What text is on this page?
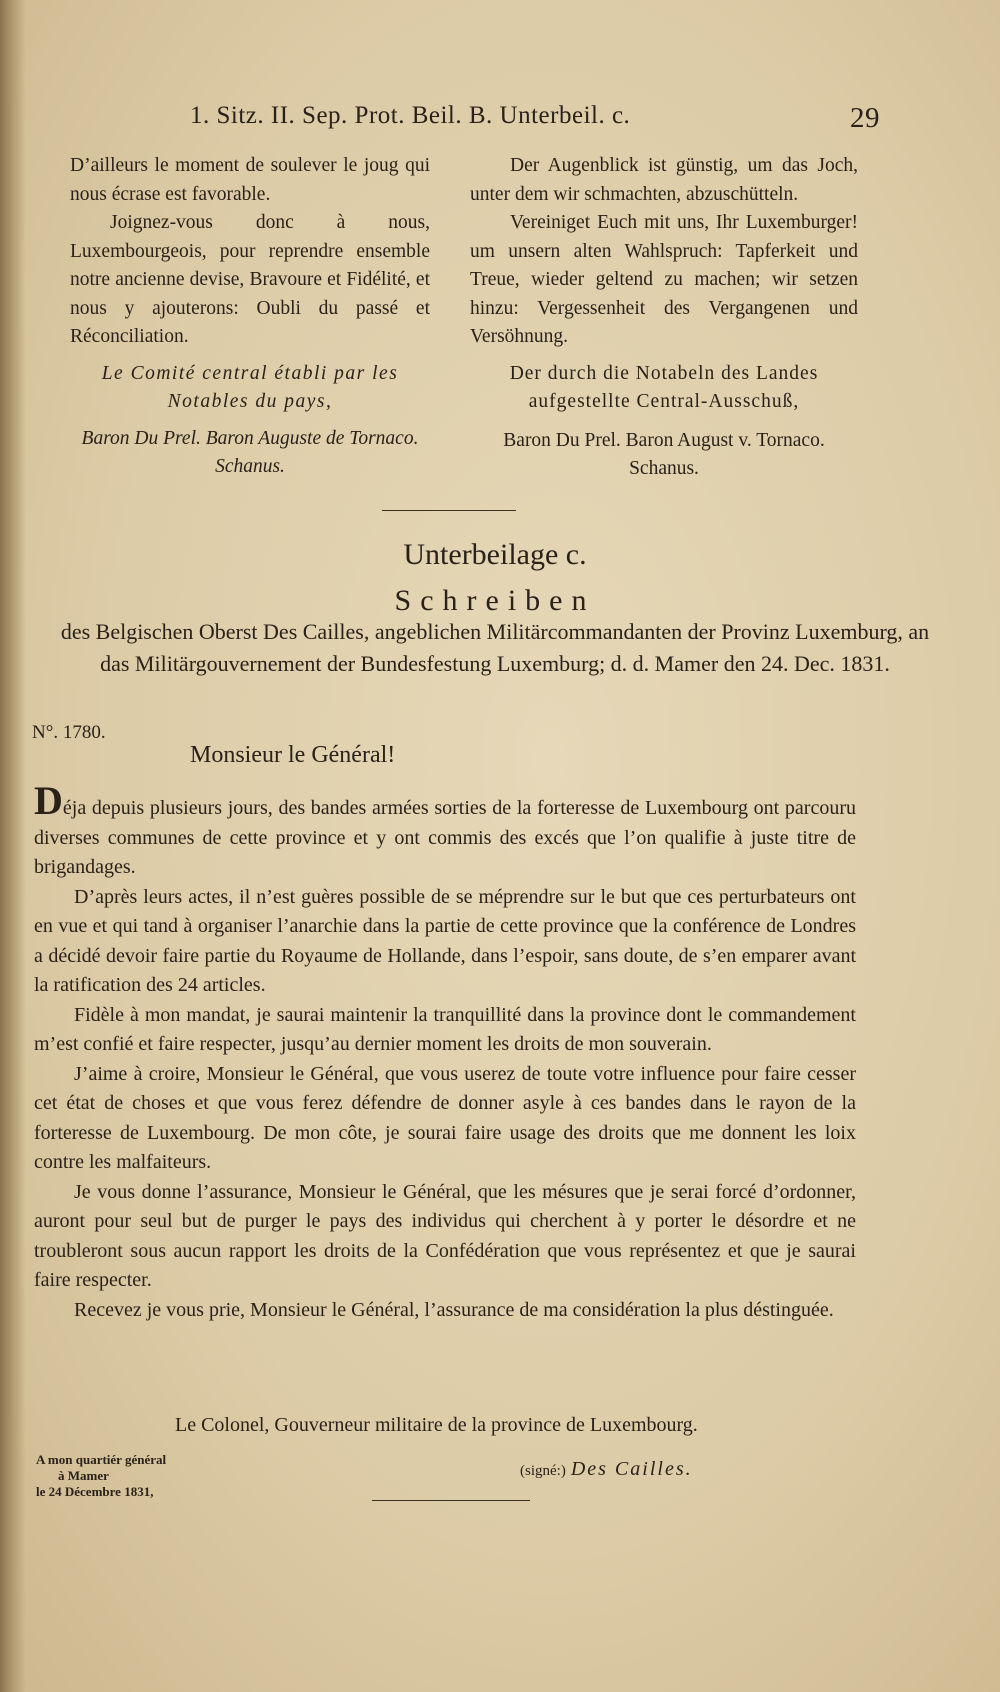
1. Sitz. II. Sep. Prot. Beil. B. Unterbeil. c.	29

D’ailleurs le moment de soulever le joug qui nous écrase est favorable.

Joignez-vous donc à nous, Luxembourgeois, pour reprendre ensemble notre ancienne devise, Bravoure et Fidélité, et nous y ajouterons: Oubli du passé et Réconciliation.

Le Comité central établi par les Notables du pays,

Baron Du Prel. Baron Auguste de Tornaco. Schanus.

Der Augenblick ist günstig, um das Joch, unter dem wir schmachten, abzuschütteln.

Vereiniget Euch mit uns, Ihr Luxemburger! um unsern alten Wahlspruch: Tapferkeit und Treue, wieder geltend zu machen; wir setzen hinzu: Vergessenheit des Vergangenen und Versöhnung.

Der durch die Notabeln des Landes aufgestellte Central-Ausschuß,

Baron Du Prel. Baron August v. Tornaco. Schanus.

Unterbeilage c.
Schreiben
des Belgischen Oberst Des Cailles, angeblichen Militärcommandanten der Provinz Luxemburg, an das Militärgouvernement der Bundesfestung Luxemburg; d. d. Mamer den 24. Dec. 1831.
N°. 1780.
Monsieur le Général!

Déja depuis plusieurs jours, des bandes armées sorties de la forteresse de Luxembourg ont parcouru diverses communes de cette province et y ont commis des excés que l’on qualifie à juste titre de brigandages.

D’après leurs actes, il n’est guères possible de se méprendre sur le but que ces perturbateurs ont en vue et qui tand à organiser l’anarchie dans la partie de cette province que la conférence de Londres a décidé devoir faire partie du Royaume de Hollande, dans l’espoir, sans doute, de s’en emparer avant la ratification des 24 articles.

Fidèle à mon mandat, je saurai maintenir la tranquillité dans la province dont le commandement m’est confié et faire respecter, jusqu’au dernier moment les droits de mon souverain.

J’aime à croire, Monsieur le Général, que vous userez de toute votre influence pour faire cesser cet état de choses et que vous ferez défendre de donner asyle à ces bandes dans le rayon de la forteresse de Luxembourg. De mon côte, je sourai faire usage des droits que me donnent les loix contre les malfaiteurs.

Je vous donne l’assurance, Monsieur le Général, que les mésures que je serai forcé d’ordonner, auront pour seul but de purger le pays des individus qui cherchent à y porter le désordre et ne troubleront sous aucun rapport les droits de la Confédération que vous représentez et que je saurai faire respecter.

Recevez je vous prie, Monsieur le Général, l’assurance de ma considération la plus déstinguée.

Le Colonel, Gouverneur militaire de la province de Luxembourg.
A mon quartiér général
à Mamer
le 24 Décembre 1831,
(signé:) Des Cailles.
